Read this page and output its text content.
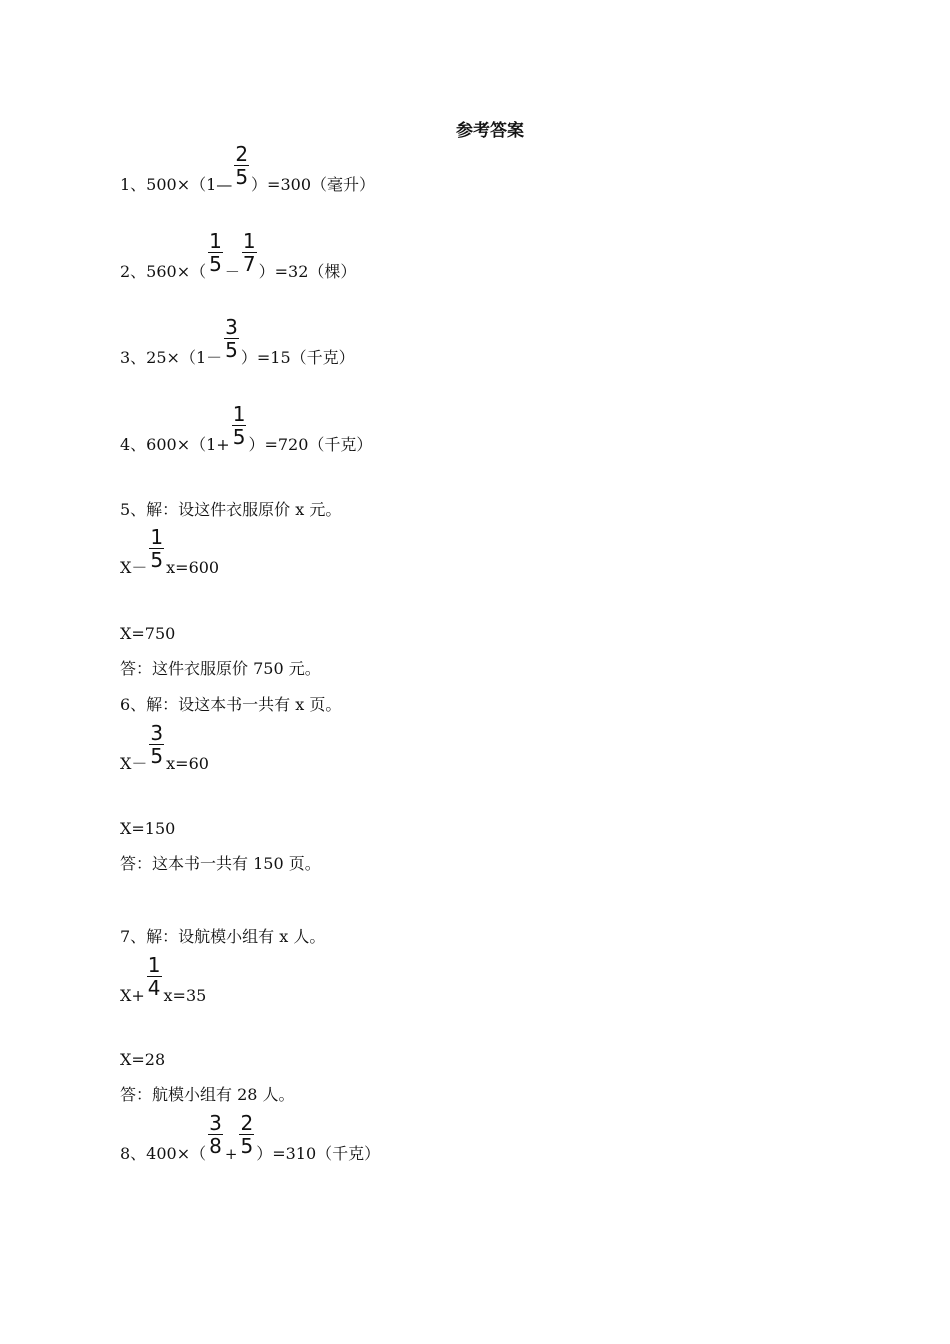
参考答案
1、500×（1— $\frac{2}{5} )=300$（毫升）
2、$560\times( \frac{1}{5} - \frac{1}{7} )=32$（棵）
3、$25\times(1- \frac{3}{5} )=15$（千克）
4、$600\times(1+ \frac{1}{5} )=720$（千克）
5、解：设这件衣服原价 x 元。
$X- \frac{1}{5} x=600$
X=750
答：这件衣服原价 750 元。
6、解：设这本书一共有 x 页。
$X- \frac{3}{5} x=60$
X=150
答：这本书一共有 150 页。
7、解：设航模小组有 x 人。
$X+ \frac{1}{4} x=35$
X=28
答：航模小组有 28 人。
8、$400\times( \frac{3}{8} + \frac{2}{5} )=310$（千克）
